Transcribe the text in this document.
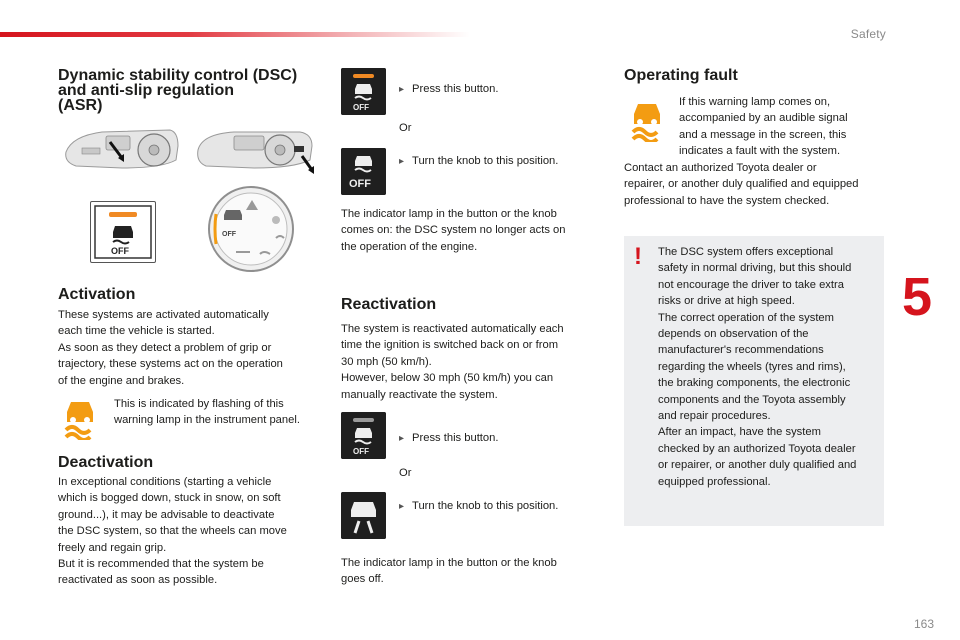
Safety
5
163
Dynamic stability control (DSC)
and anti-slip regulation
(ASR)
OFF
OFF
Activation
These systems are activated automatically
each time the vehicle is started.
As soon as they detect a problem of grip or
trajectory, these systems act on the operation
of the engine and brakes.
This is indicated by flashing of this
warning lamp in the instrument panel.
Deactivation
In exceptional conditions (starting a vehicle
which is bogged down, stuck in snow, on soft
ground...), it may be advisable to deactivate
the DSC system, so that the wheels can move
freely and regain grip.
But it is recommended that the system be
reactivated as soon as possible.
OFF
▸ Press this button.
Or
OFF
▸ Turn the knob to this position.
The indicator lamp in the button or the knob
comes on: the DSC system no longer acts on
the operation of the engine.
Reactivation
The system is reactivated automatically each
time the ignition is switched back on or from
30 mph (50 km/h).
However, below 30 mph (50 km/h) you can
manually reactivate the system.
OFF
▸ Press this button.
Or
▸ Turn the knob to this position.
The indicator lamp in the button or the knob
goes off.
Operating fault
If this warning lamp comes on,
accompanied by an audible signal
and a message in the screen, this
indicates a fault with the system.
Contact an authorized Toyota dealer or
repairer, or another duly qualified and equipped
professional to have the system checked.
! The DSC system offers exceptional
safety in normal driving, but this should
not encourage the driver to take extra
risks or drive at high speed.
The correct operation of the system
depends on observation of the
manufacturer's recommendations
regarding the wheels (tyres and rims),
the braking components, the electronic
components and the Toyota assembly
and repair procedures.
After an impact, have the system
checked by an authorized Toyota dealer
or repairer, or another duly qualified and
equipped professional.
